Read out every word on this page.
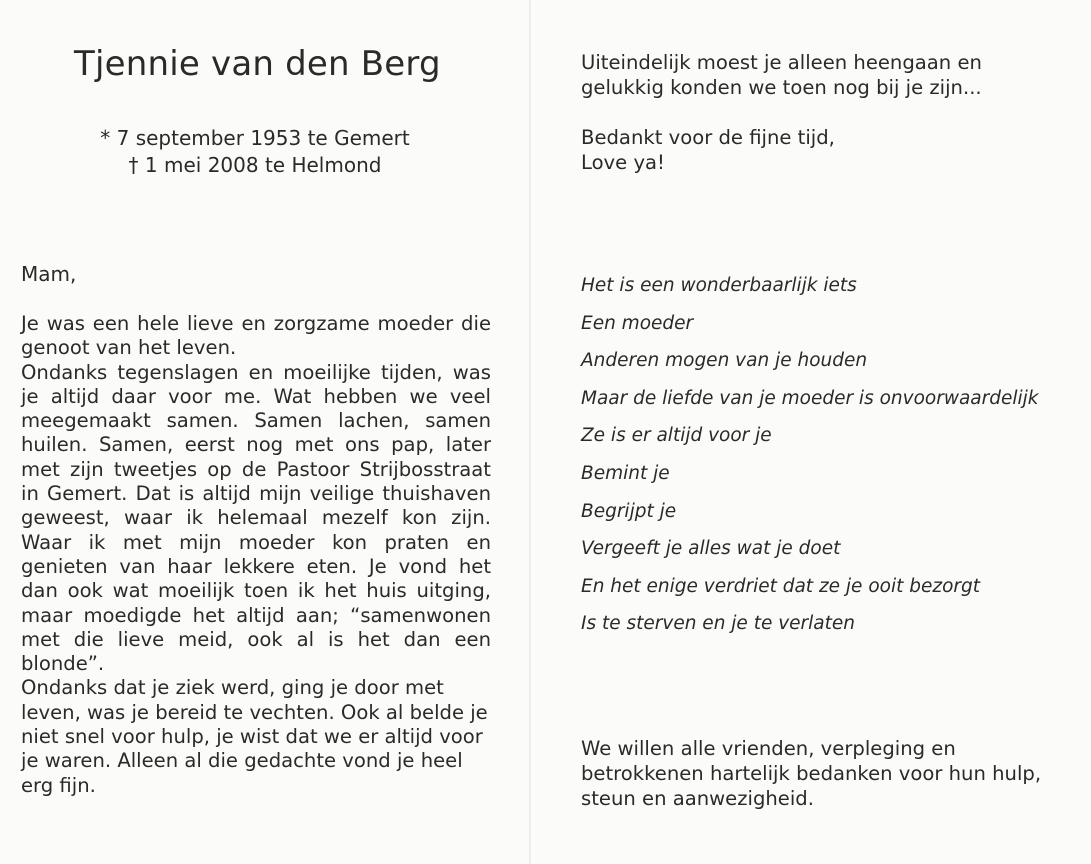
Tjennie van den Berg
* 7 september 1953 te Gemert
† 1 mei 2008 te Helmond
Mam,

Je was een hele lieve en zorgzame moeder die genoot van het leven.

Ondanks tegenslagen en moeilijke tijden, was je altijd daar voor me. Wat hebben we veel meegemaakt samen. Samen lachen, samen huilen. Samen, eerst nog met ons pap, later met zijn tweetjes op de Pastoor Strijbosstraat in Gemert. Dat is altijd mijn veilige thuishaven geweest, waar ik helemaal mezelf kon zijn. Waar ik met mijn moeder kon praten en genieten van haar lekkere eten. Je vond het dan ook wat moeilijk toen ik het huis uitging, maar moedigde het altijd aan; “samenwonen met die lieve meid, ook al is het dan een blonde”.

Ondanks dat je ziek werd, ging je door met leven, was je bereid te vechten. Ook al belde je niet snel voor hulp, je wist dat we er altijd voor je waren. Alleen al die gedachte vond je heel erg fijn.

Uiteindelijk moest je alleen heengaan en gelukkig konden we toen nog bij je zijn...

Bedankt voor de fijne tijd,
Love ya!

Het is een wonderbaarlijk iets
Een moeder
Anderen mogen van je houden
Maar de liefde van je moeder is onvoorwaardelijk
Ze is er altijd voor je
Bemint je
Begrijpt je
Vergeeft je alles wat je doet
En het enige verdriet dat ze je ooit bezorgt
Is te sterven en je te verlaten
We willen alle vrienden, verpleging en betrokkenen hartelijk bedanken voor hun hulp, steun en aanwezigheid.
